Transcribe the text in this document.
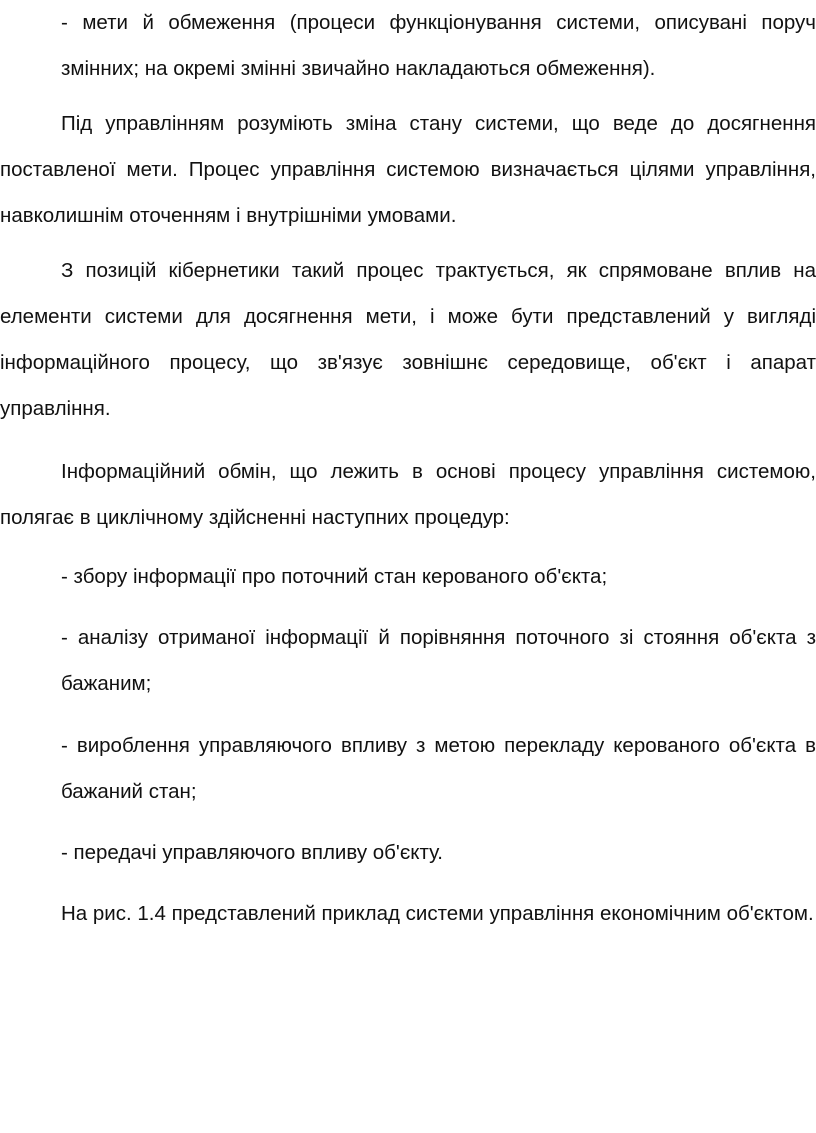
- мети й обмеження (процеси функціонування системи, описувані поруч змінних; на окремі змінні звичайно накладаються обмеження).

Під управлінням розуміють зміна стану системи, що веде до досягнення поставленої мети. Процес управління системою визначається цілями управління, навколишнім оточенням і внутрішніми умовами.

З позицій кібернетики такий процес трактується, як спрямоване вплив на елементи системи для досягнення мети, і може бути представлений у вигляді інформаційного процесу, що зв'язує зовнішнє середовище, об'єкт і апарат управління.

Інформаційний обмін, що лежить в основі процесу управління системою, полягає в циклічному здійсненні наступних процедур:

- збору інформації про поточний стан керованого об'єкта;

- аналізу отриманої інформації й порівняння поточного зі стояння об'єкта з бажаним;

- вироблення управляючого впливу з метою перекладу керованого об'єкта в бажаний стан;

- передачі управляючого впливу об'єкту.

На рис. 1.4 представлений приклад системи управління економічним об'єктом.
